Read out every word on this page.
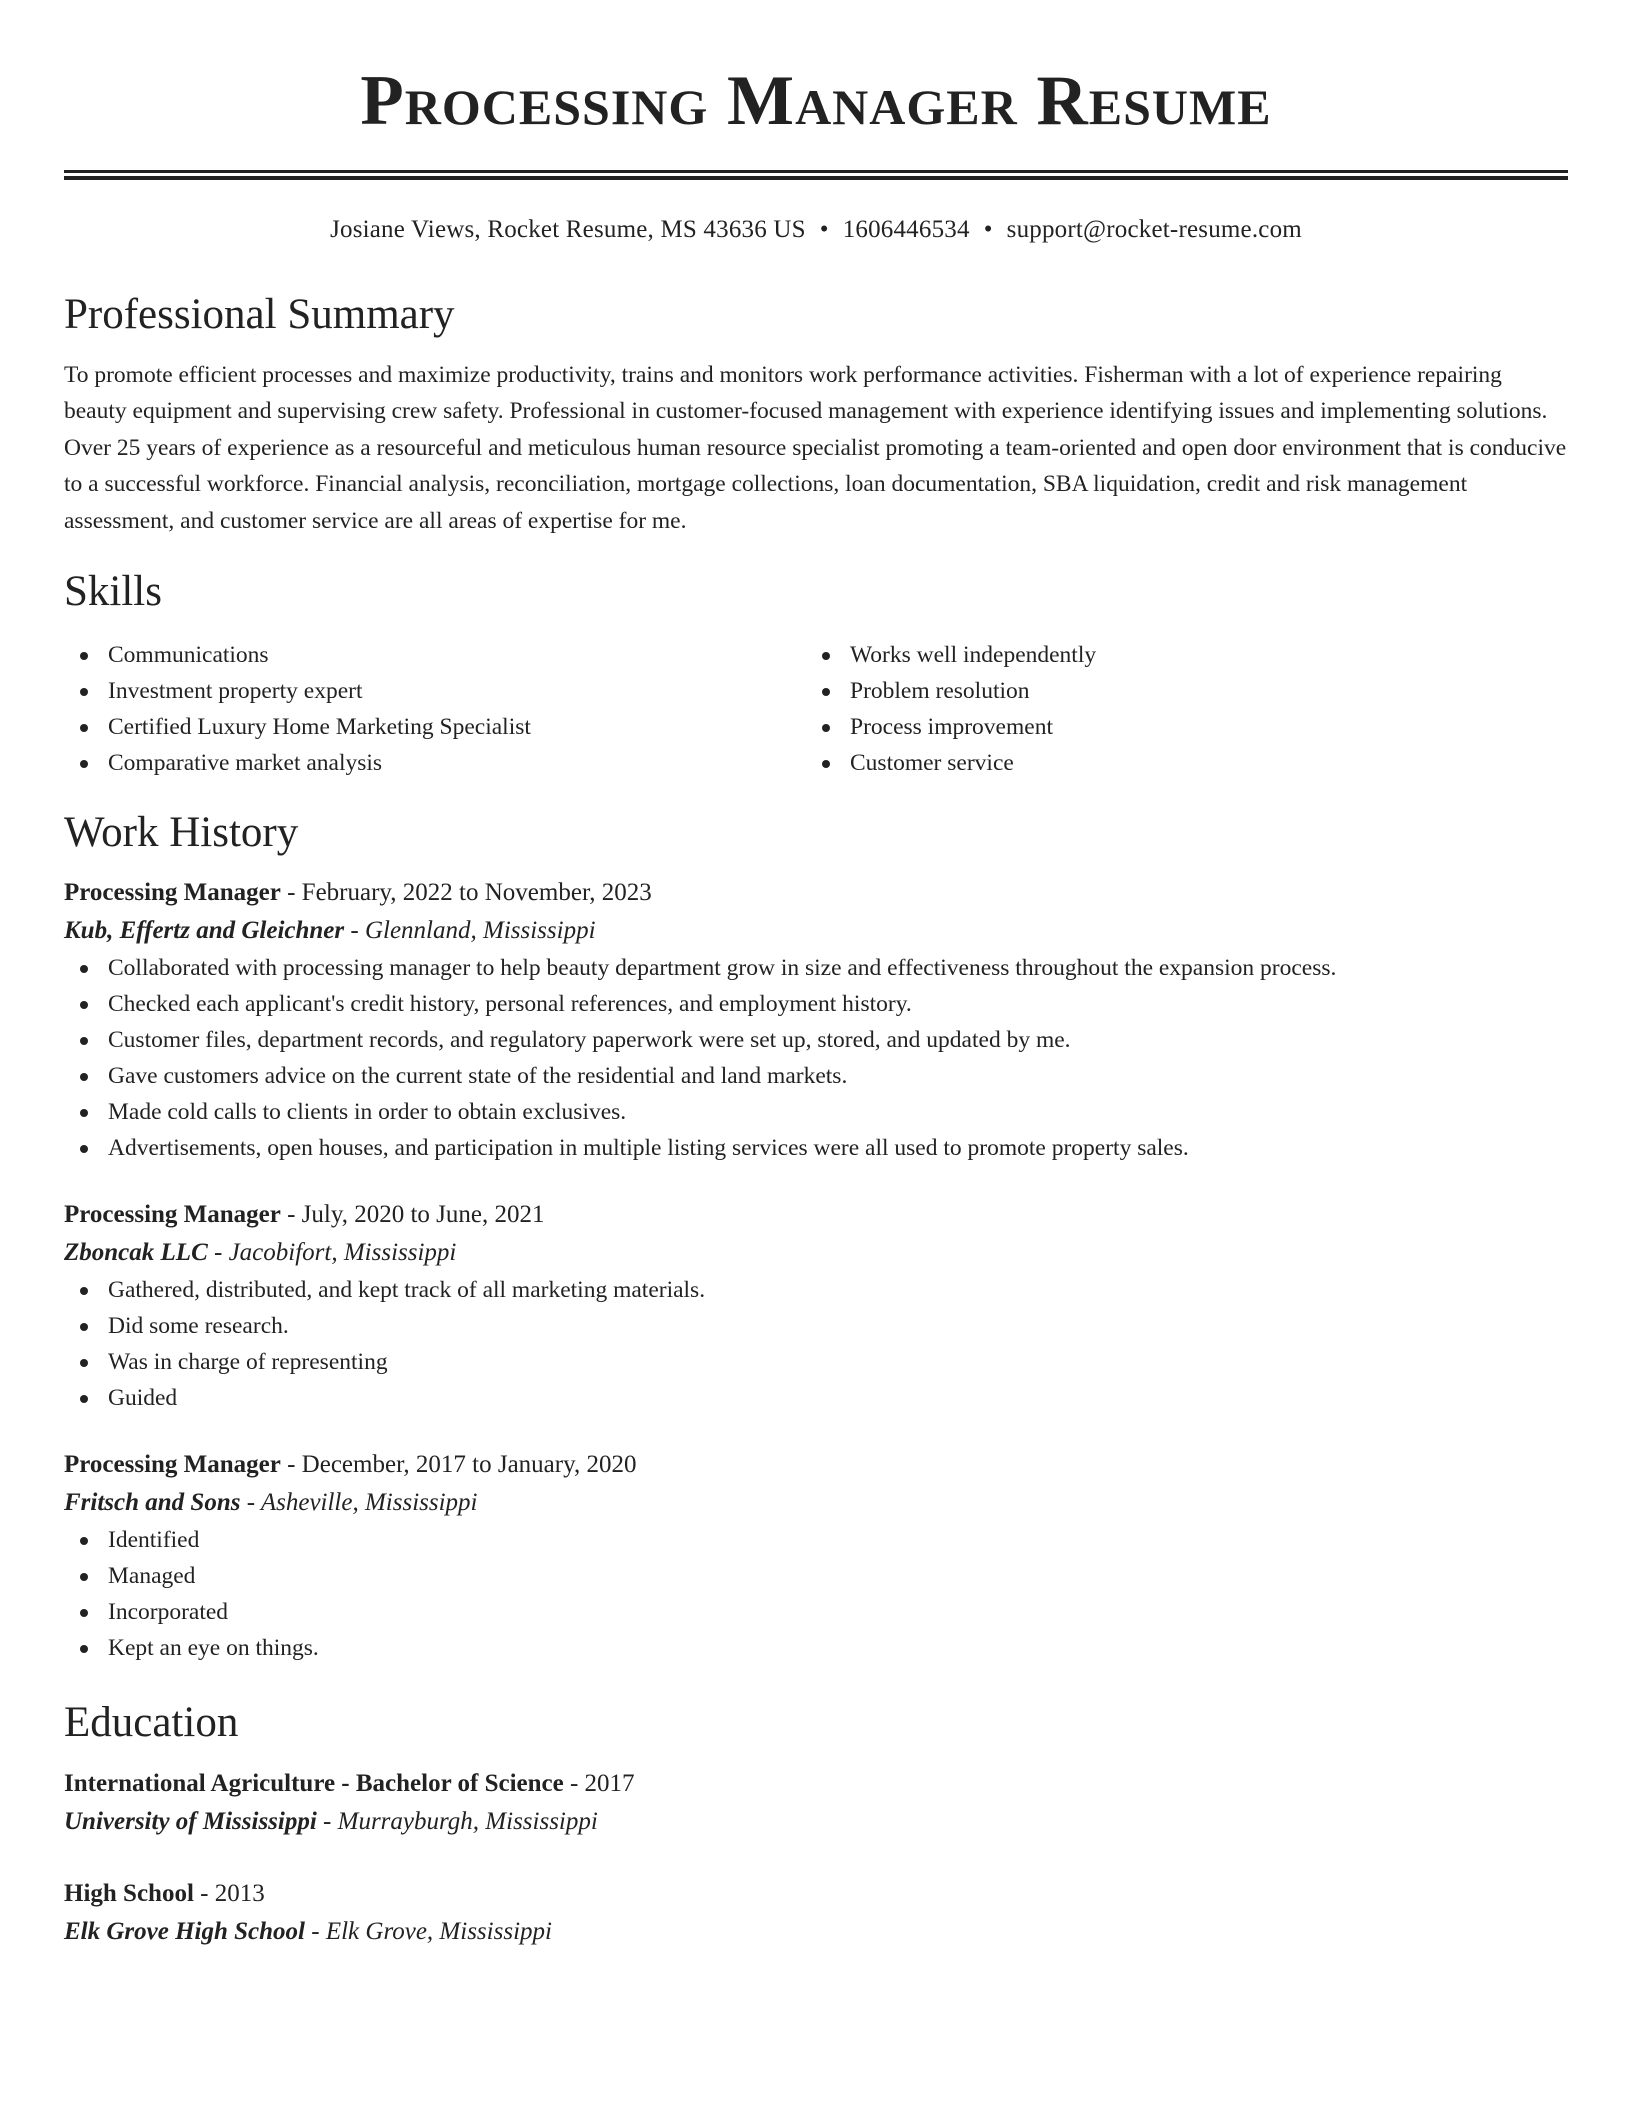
Processing Manager Resume
Josiane Views, Rocket Resume, MS 43636 US • 1606446534 • support@rocket-resume.com
Professional Summary
To promote efficient processes and maximize productivity, trains and monitors work performance activities. Fisherman with a lot of experience repairing beauty equipment and supervising crew safety. Professional in customer-focused management with experience identifying issues and implementing solutions. Over 25 years of experience as a resourceful and meticulous human resource specialist promoting a team-oriented and open door environment that is conducive to a successful workforce. Financial analysis, reconciliation, mortgage collections, loan documentation, SBA liquidation, credit and risk management assessment, and customer service are all areas of expertise for me.
Skills
Communications
Investment property expert
Certified Luxury Home Marketing Specialist
Comparative market analysis
Works well independently
Problem resolution
Process improvement
Customer service
Work History
Processing Manager - February, 2022 to November, 2023
Kub, Effertz and Gleichner - Glennland, Mississippi
Collaborated with processing manager to help beauty department grow in size and effectiveness throughout the expansion process.
Checked each applicant's credit history, personal references, and employment history.
Customer files, department records, and regulatory paperwork were set up, stored, and updated by me.
Gave customers advice on the current state of the residential and land markets.
Made cold calls to clients in order to obtain exclusives.
Advertisements, open houses, and participation in multiple listing services were all used to promote property sales.
Processing Manager - July, 2020 to June, 2021
Zboncak LLC - Jacobifort, Mississippi
Gathered, distributed, and kept track of all marketing materials.
Did some research.
Was in charge of representing
Guided
Processing Manager - December, 2017 to January, 2020
Fritsch and Sons - Asheville, Mississippi
Identified
Managed
Incorporated
Kept an eye on things.
Education
International Agriculture - Bachelor of Science - 2017
University of Mississippi - Murrayburgh, Mississippi
High School - 2013
Elk Grove High School - Elk Grove, Mississippi
